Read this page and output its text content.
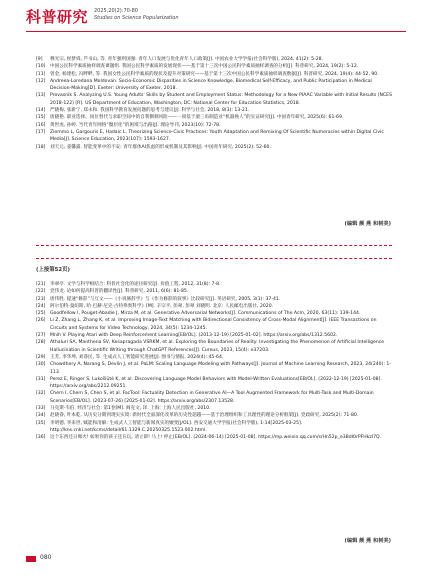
科普研究 2025,20(2):70-80
Studies on Science Popularization
[9] 穆光宗, 侯梦舜, 芦书山, 等. 青年强则国强: 青年人口发展与优化青年人口政策[J]. 中国农业大学学报(社会科学版), 2024, 41(2): 5-28.
[10] 中国公民科学素质抽样调查课题组. 我国公民科学素质的发展现状——基于第十三次中国公民科学素质抽样调查的分析[J]. 科普研究, 2024, 19(2): 5-12.
[11] 曾金, 杨建松, 冯畔畔, 等. 我国女性公民科学素质的现状及提升对策研究——基于第十三次中国公民科学素质抽样调查数据[J]. 科普研究, 2024, 19(4): 44-52, 90.
[12] Andreea-Loredana Moldovan. Socio-Economic Disparities in Science Knowledge, Biomedical Self-Efficacy, and Public Participation in Medical Decision-Making[D]. Exeter: University of Exeter, 2018.
[13] Provasnik S. Analyzing U.S. Young Adults' Skills by Student and Employment Status: Methodology for a New PIAAC Variable with Initial Results (NCES 2018-122) [R]. US Department of Education, Washington, DC: National Center for Education Statistics, 2018.
[14] 严晓梅, 张新宁, 郑永和. 我国科学教育发展问题的思考与建议[J]. 科学与社会, 2018, 8(3): 13-21.
[15] 唐晓艳. 职业选择、岗位替代与求职空间中的自我倒刺风险——一项基于滚三角制造业“机器换人”的实证研究[J]. 中国青年研究, 2025(6): 61-69.
[16] 黄世虎, 孙婷. 当代青年网络“圈层化”的困境与出路[J]. 理论导刊, 2023(10): 72-78.
[17] Ziemmo L, Gargouris E, Hadaic L. Theorizing Science-Civic Practices: Youth Adaptation and Remixing Of Scientific Numeracies within Digital Civic Media[J]. Science Education, 2023(107): 1593-1627.
[18] 刘天元, 姜馨露. 智能变革中的不安: 青年群体AI焦虑的形成机制及其影响[J]. 中国青年研究, 2025(2): 52-60.
(编辑 颜 燕 和树美)
(上接第52页)
[21] 李翠亭. 文学与科学相结合: 科普社会化的途径研究[J]. 价值工程, 2012, 31(8): 7-8.
[22] 党伟龙. 论如何提高科普的翻译性[J]. 科普研究, 2011, 6(6): 81-85.
[23] 唐伟胜. 提速“修辞”与互文——《小说修辞学》与《作为修辞的叙事》比较研究[J]. 英语研究, 2005, 3(1): 37-41.
[24] 阿尔伯特·曼纽斯, 哈·巴赫·尼克·古特弗奥科学》[M]. 辛宗平, 彭翠, 彭翠 刘晓明. 北京: 人民邮电出版社, 2020.
[25] Goodfellow I, Pouget-Abadie J, Mirza M, et al. Generative Adversarial Networks[J]. Communications of The Acm, 2020, 63(11): 139-144.
[26] Li Z, Zhang L, Zhang K, et al. Improving Image-Text Matching with Bidirectional Consistency of Cross-Modal Alignment[J]. IEEE Transactions on Circuits and Systems for Video Technology, 2024, 34(5): 1234-1245.
[27] Mnih V. Playing Atari with Deep Reinforcement Learning[EB/OL]. (2013-12-19) [2025-01-02]. https://arxiv.org/abs/1312.5602.
[28] Athaluri SA, Manthena SV, Kesapragada VSRKM, et al. Exploring the Boundaries of Reality: Investigating the Phenomenon of Artificial Intelligence Hallucination in Scientific Writing through ChatGPT References[J]. Cureus, 2023, 15(4): e37203.
[29] 王芳, 李华坤, 刘睿民, 等. 生成式人工智能研究进展[J]. 图书与情报, 2024(4): 45-64.
[30] Chowdhery A, Narang S, Devlin J, et al. PaLM: Scaling Language Modeling with Pathways[J]. Journal of Machine Learning Research, 2023, 24(240): 1-113.
[31] Perez E, Ringer S, Lukošiūtė K, et al. Discovering Language Model Behaviors with Model-Written Evaluations[EB/OL]. (2022-12-19) [2025-01-08]. https://arxiv.org/abs/2212.09251.
[32] Chern I, Chern S, Chen S, et al. FacTool: Factuality Detection in Generative AI—A Tool Augmented Framework for Multi-Task and Multi-Domain Scenarios[EB/OL]. (2023-07-26) [2025-01-02]. https://arxiv.org/abs/2307.13528.
[33] 马克斯·韦伯. 经济与社会: 第1卷[M]. 阎克文, 译. 上海: 上海人民出版社, 2010.
[34] 赵晓睿, 叶本乾. 从历史分期到现实实境: 新时代全面深化改革的历史性超越——基于治理组织和工具理性的理论分析框架[J]. 党政研究, 2025(2): 71-80.
[35] 李明德, 李来世, 赋能和清解: 生成式人工智能与新闻真实的嬗变[J/OL]. 西安交通大学学报(社会科学版), 1-14[2025-03-25]. http://kns.cnki.net/kcms/detail/61.1329.C.20250325.1523.002.html.
[36] 这个东西还日爆火! 如果你的孩子还在玩, 请立即! 马上! 停止[EB/OL]. (2024-06-14) [2025-01-08]. https://mp.weixin.qq.com/s/Hn52p_e3BdI0rPFHkzI7Q.
(编辑 颜 燕 和树美)
080
